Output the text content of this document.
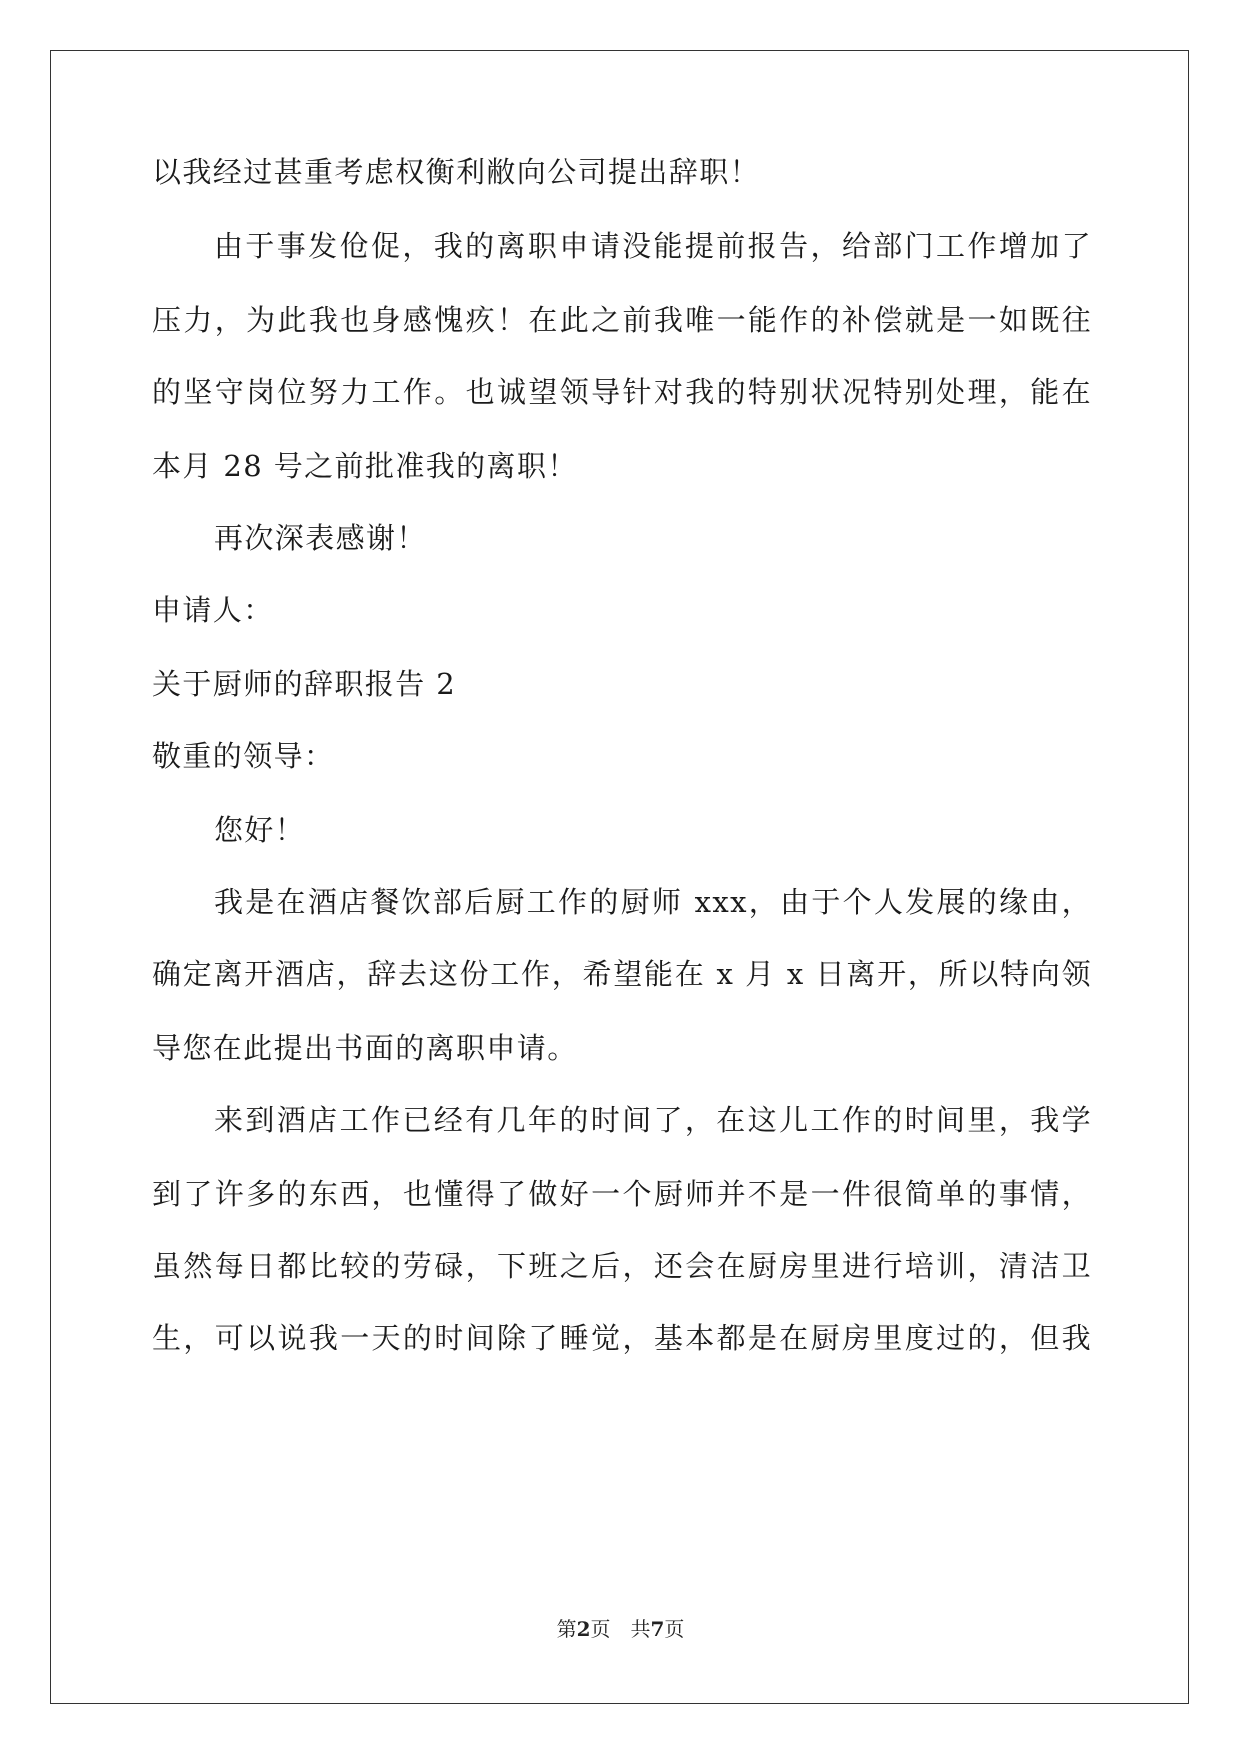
以我经过甚重考虑权衡利敝向公司提出辞职！
由于事发伧促，我的离职申请没能提前报告，给部门工作增加了
压力，为此我也身感愧疚！在此之前我唯一能作的补偿就是一如既往
的坚守岗位努力工作。也诚望领导针对我的特别状况特别处理，能在
本月 28 号之前批准我的离职！
再次深表感谢！
申请人：
关于厨师的辞职报告 2
敬重的领导：
您好！
我是在酒店餐饮部后厨工作的厨师 xxx，由于个人发展的缘由，
确定离开酒店，辞去这份工作，希望能在 x 月 x 日离开，所以特向领
导您在此提出书面的离职申请。
来到酒店工作已经有几年的时间了，在这儿工作的时间里，我学
到了许多的东西，也懂得了做好一个厨师并不是一件很简单的事情，
虽然每日都比较的劳碌，下班之后，还会在厨房里进行培训，清洁卫
生，可以说我一天的时间除了睡觉，基本都是在厨房里度过的，但我
第2页 共7页
